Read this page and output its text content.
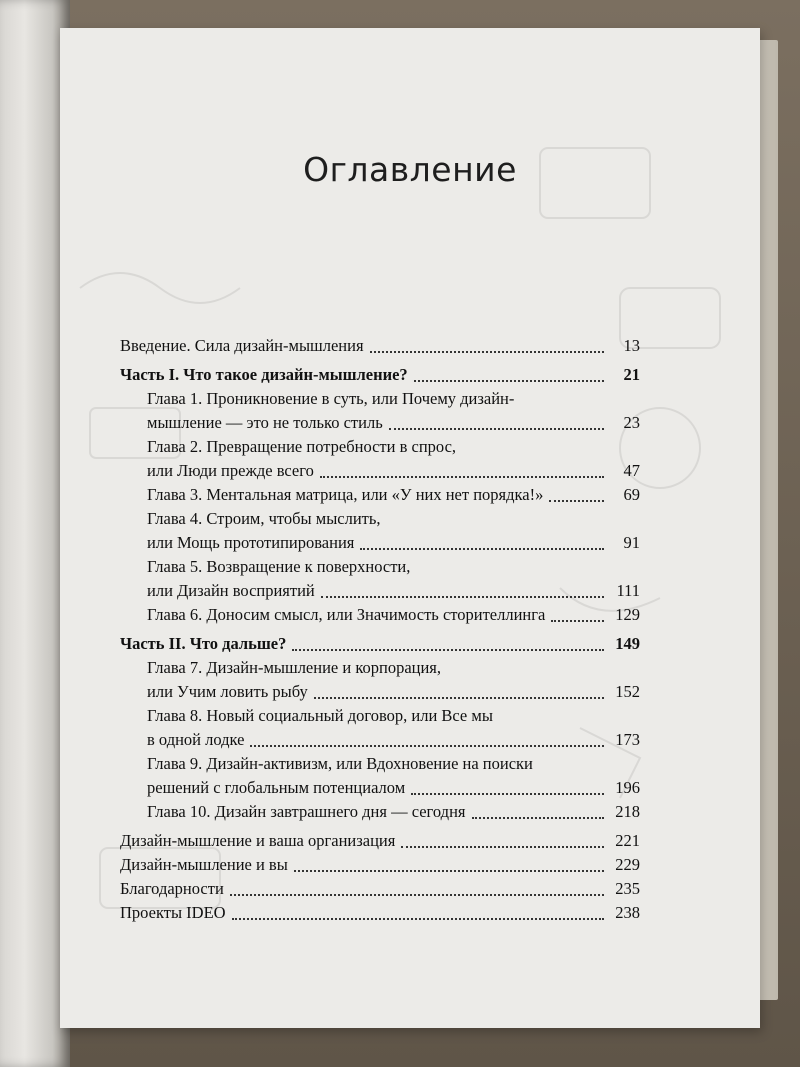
Оглавление
Введение. Сила дизайн-мышления	13
Часть I. Что такое дизайн-мышление?	21
Глава 1. Проникновение в суть, или Почему дизайн-
мышление — это не только стиль	23
Глава 2. Превращение потребности в спрос,
или Люди прежде всего	47
Глава 3. Ментальная матрица, или «У них нет порядка!»	69
Глава 4. Строим, чтобы мыслить,
или Мощь прототипирования	91
Глава 5. Возвращение к поверхности,
или Дизайн восприятий	111
Глава 6. Доносим смысл, или Значимость сторителлинга	129
Часть II. Что дальше?	149
Глава 7. Дизайн-мышление и корпорация,
или Учим ловить рыбу	152
Глава 8. Новый социальный договор, или Все мы
в одной лодке	173
Глава 9. Дизайн-активизм, или Вдохновение на поиски
решений с глобальным потенциалом	196
Глава 10. Дизайн завтрашнего дня — сегодня	218
Дизайн-мышление и ваша организация	221
Дизайн-мышление и вы	229
Благодарности	235
Проекты IDEO	238
